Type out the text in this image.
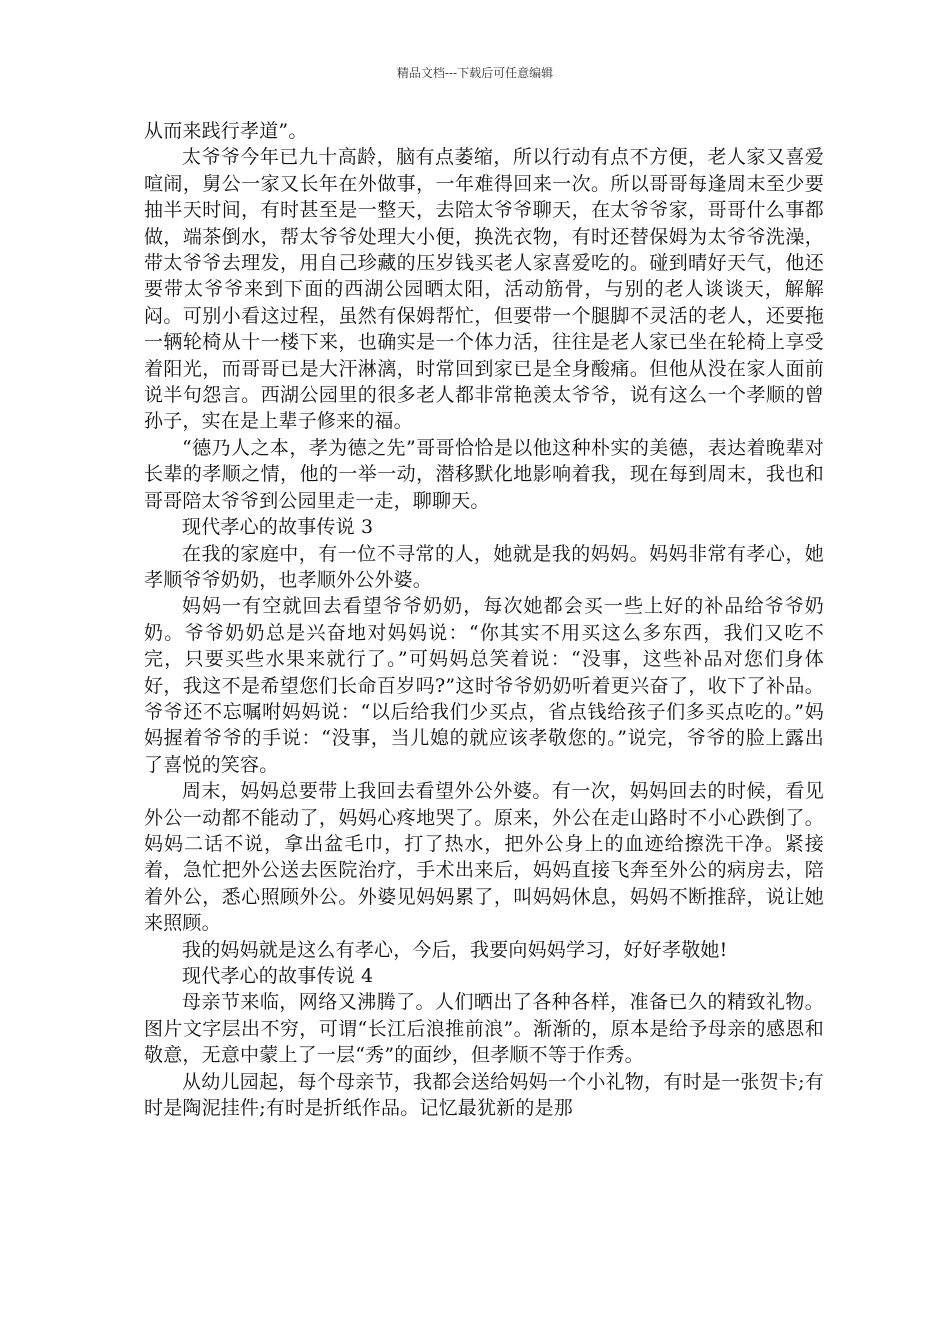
精品文档---下载后可任意编辑

从而来践行孝道”。

太爷爷今年已九十高龄，脑有点萎缩，所以行动有点不方便，老人家又喜爱喧闹，舅公一家又长年在外做事，一年难得回来一次。所以哥哥每逢周末至少要抽半天时间，有时甚至是一整天，去陪太爷爷聊天，在太爷爷家，哥哥什么事都做，端茶倒水，帮太爷爷处理大小便，换洗衣物，有时还替保姆为太爷爷洗澡，带太爷爷去理发，用自己珍藏的压岁钱买老人家喜爱吃的。碰到晴好天气，他还要带太爷爷来到下面的西湖公园晒太阳，活动筋骨，与别的老人谈谈天，解解闷。可别小看这过程，虽然有保姆帮忙，但要带一个腿脚不灵活的老人，还要拖一辆轮椅从十一楼下来，也确实是一个体力活，往往是老人家已坐在轮椅上享受着阳光，而哥哥已是大汗淋漓，时常回到家已是全身酸痛。但他从没在家人面前说半句怨言。西湖公园里的很多老人都非常艳羡太爷爷，说有这么一个孝顺的曾孙子，实在是上辈子修来的福。

“德乃人之本，孝为德之先”哥哥恰恰是以他这种朴实的美德，表达着晚辈对长辈的孝顺之情，他的一举一动，潜移默化地影响着我，现在每到周末，我也和哥哥陪太爷爷到公园里走一走，聊聊天。

现代孝心的故事传说 3

在我的家庭中，有一位不寻常的人，她就是我的妈妈。妈妈非常有孝心，她孝顺爷爷奶奶，也孝顺外公外婆。

妈妈一有空就回去看望爷爷奶奶，每次她都会买一些上好的补品给爷爷奶奶。爷爷奶奶总是兴奋地对妈妈说：“你其实不用买这么多东西，我们又吃不完，只要买些水果来就行了。”可妈妈总笑着说：“没事，这些补品对您们身体好，我这不是希望您们长命百岁吗?”这时爷爷奶奶听着更兴奋了，收下了补品。爷爷还不忘嘱咐妈妈说：“以后给我们少买点，省点钱给孩子们多买点吃的。”妈妈握着爷爷的手说：“没事，当儿媳的就应该孝敬您的。”说完，爷爷的脸上露出了喜悦的笑容。

周末，妈妈总要带上我回去看望外公外婆。有一次，妈妈回去的时候，看见外公一动都不能动了，妈妈心疼地哭了。原来，外公在走山路时不小心跌倒了。妈妈二话不说，拿出盆毛巾，打了热水，把外公身上的血迹给擦洗干净。紧接着，急忙把外公送去医院治疗，手术出来后，妈妈直接飞奔至外公的病房去，陪着外公，悉心照顾外公。外婆见妈妈累了，叫妈妈休息，妈妈不断推辞，说让她来照顾。

我的妈妈就是这么有孝心，今后，我要向妈妈学习，好好孝敬她!

现代孝心的故事传说 4

母亲节来临，网络又沸腾了。人们晒出了各种各样，准备已久的精致礼物。图片文字层出不穷，可谓“长江后浪推前浪”。渐渐的，原本是给予母亲的感恩和敬意，无意中蒙上了一层“秀”的面纱，但孝顺不等于作秀。

从幼儿园起，每个母亲节，我都会送给妈妈一个小礼物，有时是一张贺卡;有时是陶泥挂件;有时是折纸作品。记忆最犹新的是那
